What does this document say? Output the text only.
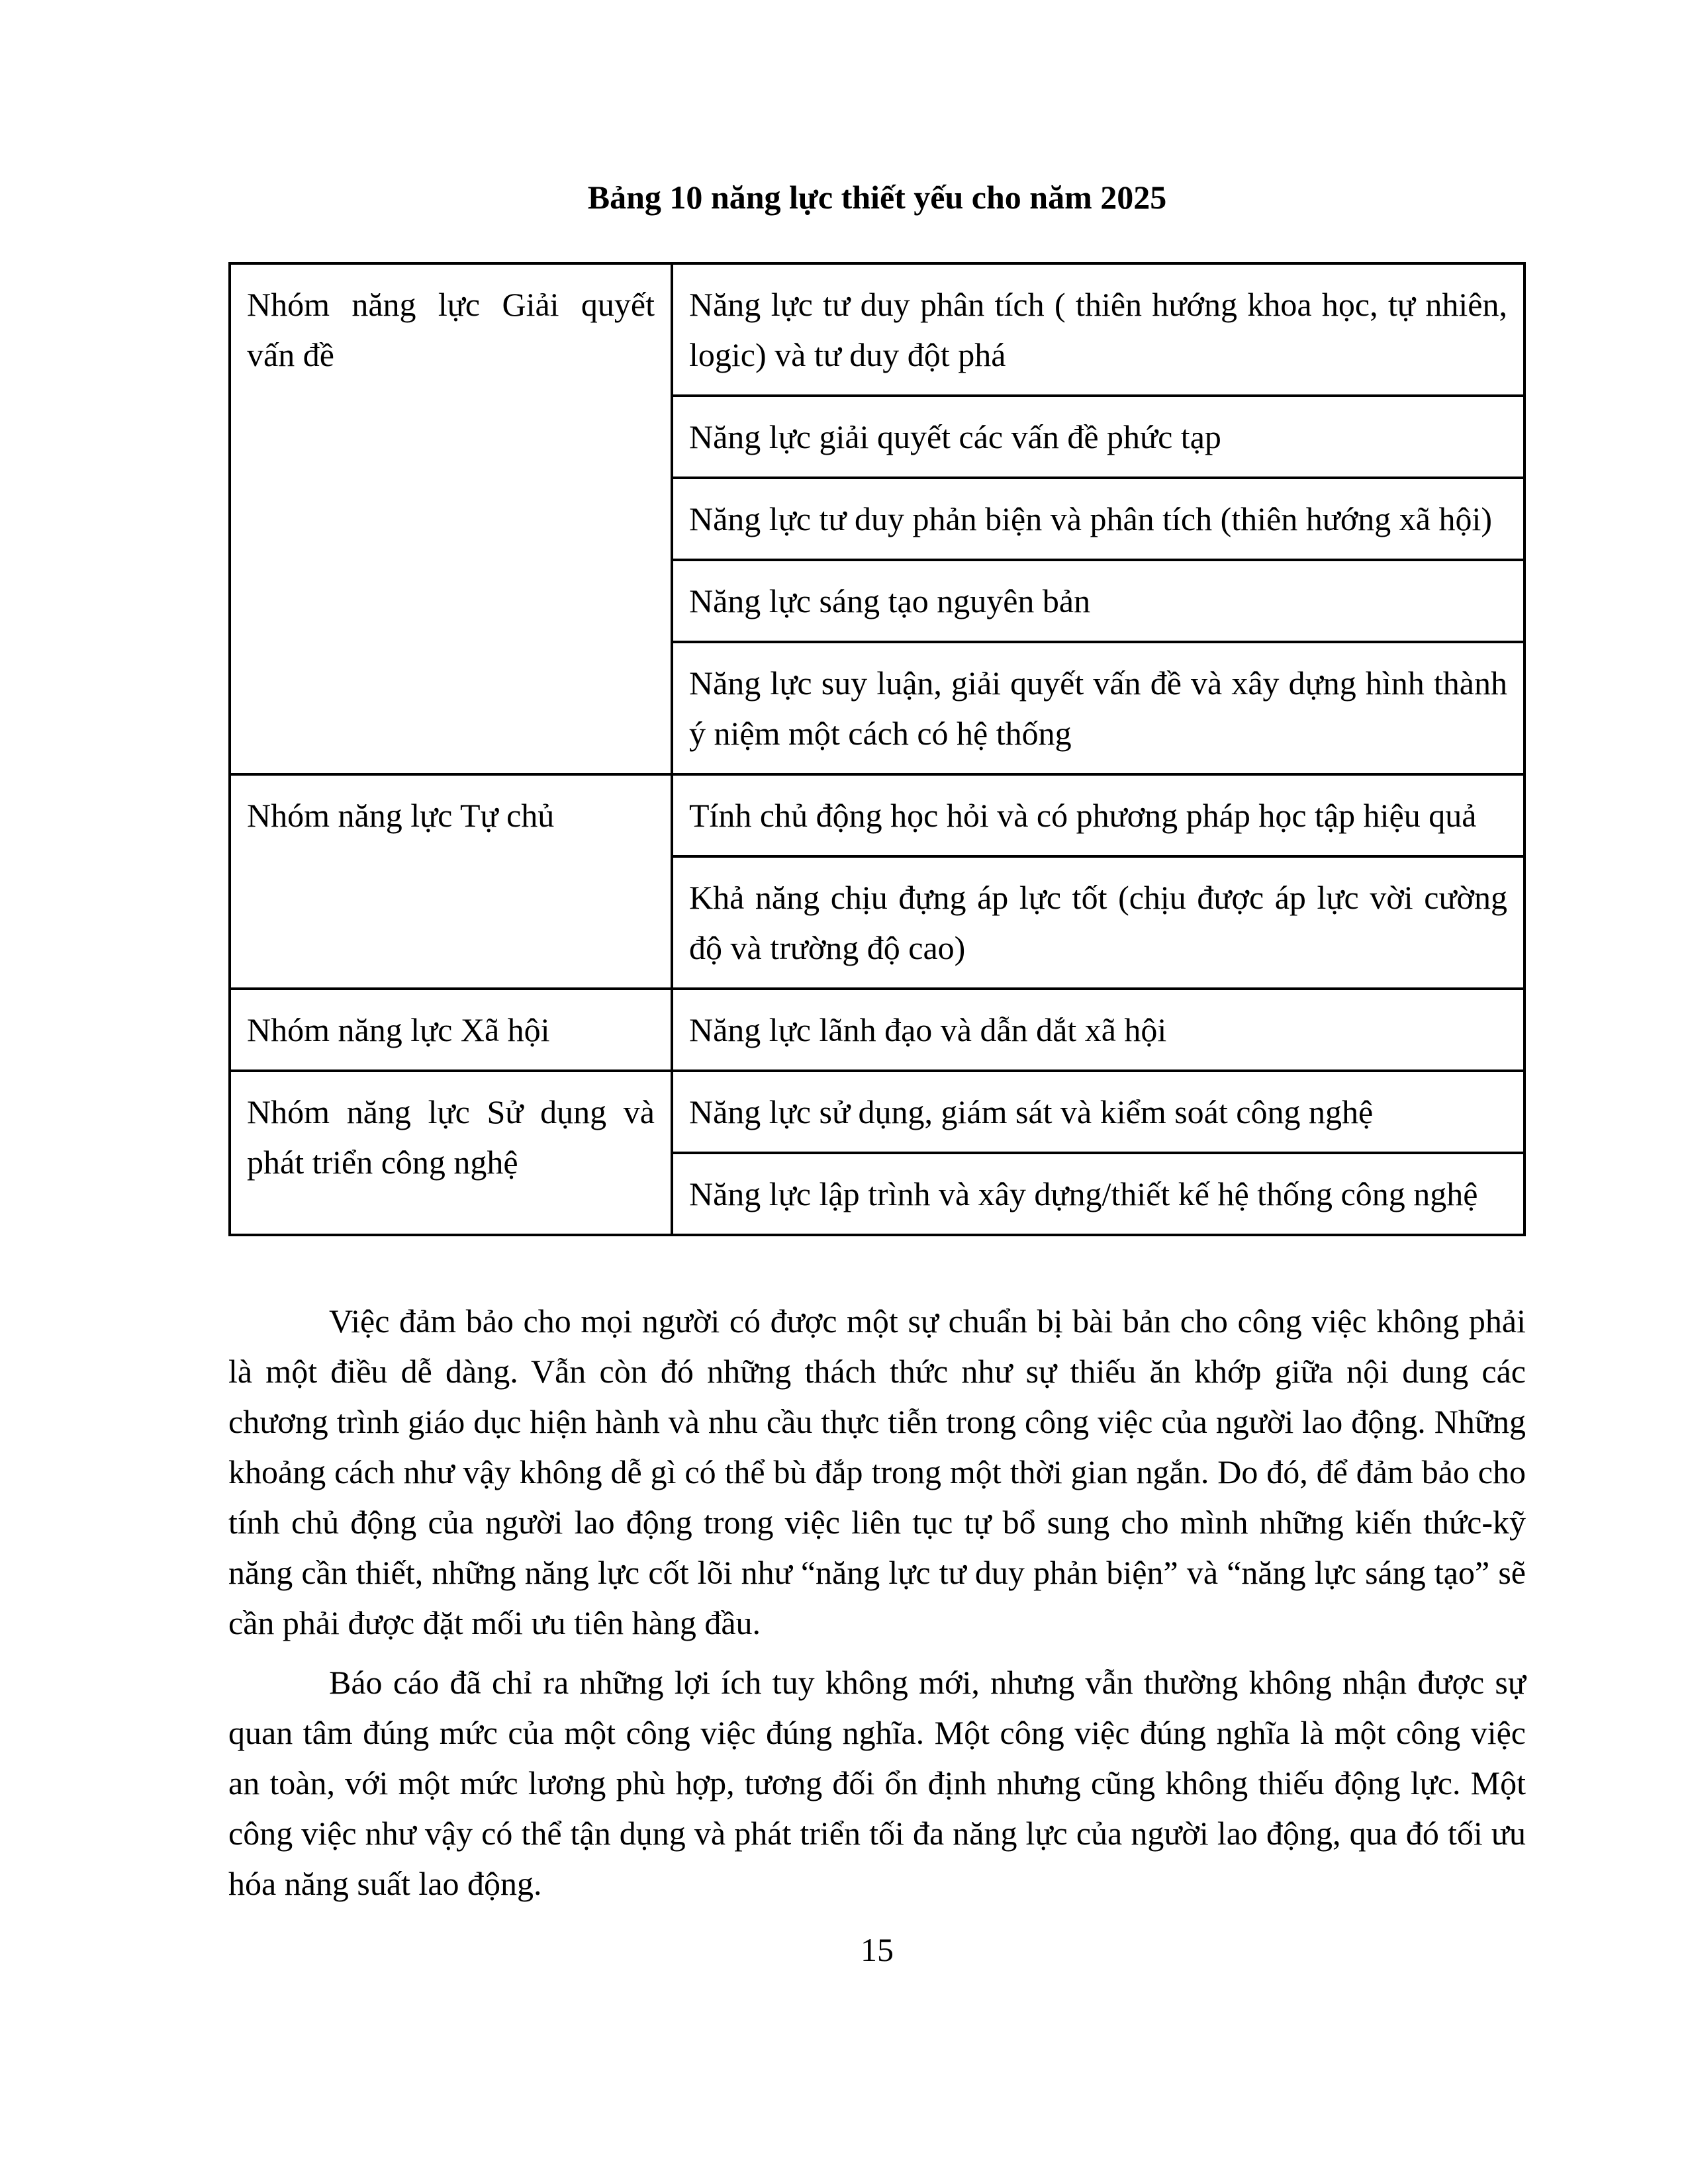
Bảng 10 năng lực thiết yếu cho năm 2025
Nhóm năng lực Giải quyết vấn đề	Năng lực tư duy phân tích ( thiên hướng khoa học, tự nhiên, logic) và tư duy đột phá
	Năng lực giải quyết các vấn đề phức tạp
	Năng lực tư duy phản biện và phân tích (thiên hướng xã hội)
	Năng lực sáng tạo nguyên bản
	Năng lực suy luận, giải quyết vấn đề và xây dựng hình thành ý niệm một cách có hệ thống
Nhóm năng lực Tự chủ	Tính chủ động học hỏi và có phương pháp học tập hiệu quả
	Khả năng chịu đựng áp lực tốt (chịu được áp lực vời cường độ và trường độ cao)
Nhóm năng lực Xã hội	Năng lực lãnh đạo và dẫn dắt xã hội
Nhóm năng lực Sử dụng và phát triển công nghệ	Năng lực sử dụng, giám sát và kiểm soát công nghệ
	Năng lực lập trình và xây dựng/thiết kế hệ thống công nghệ

Việc đảm bảo cho mọi người có được một sự chuẩn bị bài bản cho công việc không phải là một điều dễ dàng. Vẫn còn đó những thách thức như sự thiếu ăn khớp giữa nội dung các chương trình giáo dục hiện hành và nhu cầu thực tiễn trong công việc của người lao động. Những khoảng cách như vậy không dễ gì có thể bù đắp trong một thời gian ngắn. Do đó, để đảm bảo cho tính chủ động của người lao động trong việc liên tục tự bổ sung cho mình những kiến thức-kỹ năng cần thiết, những năng lực cốt lõi như “năng lực tư duy phản biện” và “năng lực sáng tạo” sẽ cần phải được đặt mối ưu tiên hàng đầu.

Báo cáo đã chỉ ra những lợi ích tuy không mới, nhưng vẫn thường không nhận được sự quan tâm đúng mức của một công việc đúng nghĩa. Một công việc đúng nghĩa là một công việc an toàn, với một mức lương phù hợp, tương đối ổn định nhưng cũng không thiếu động lực. Một công việc như vậy có thể tận dụng và phát triển tối đa năng lực của người lao động, qua đó tối ưu hóa năng suất lao động.

15
